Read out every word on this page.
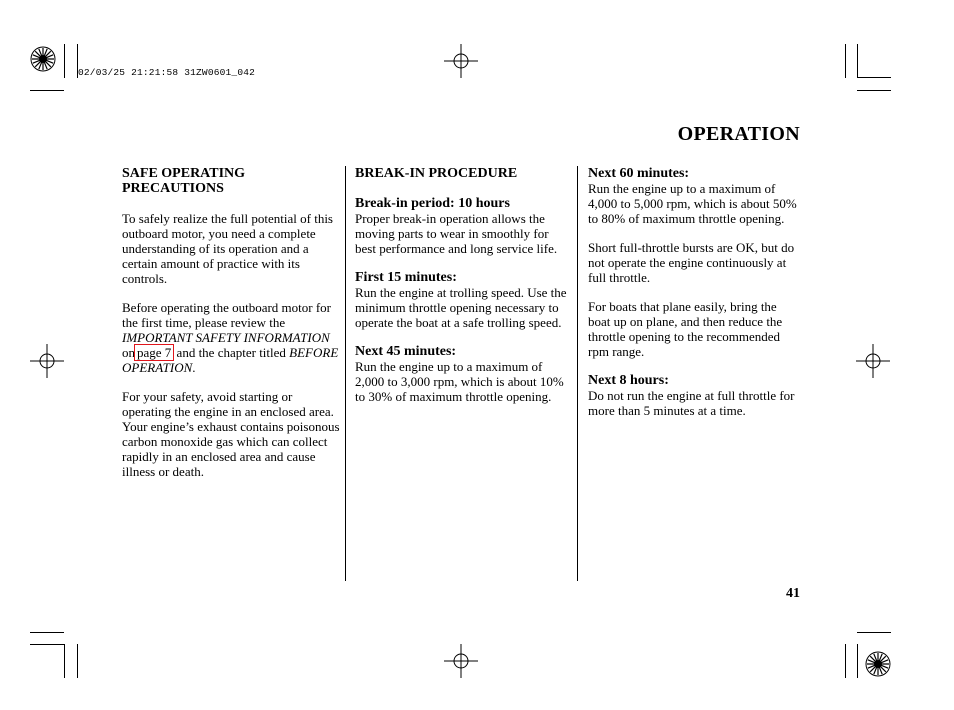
02/03/25 21:21:58 31ZW0601_042
OPERATION
SAFE OPERATING
PRECAUTIONS

To safely realize the full potential of this outboard motor, you need a complete understanding of its operation and a certain amount of practice with its controls.

Before operating the outboard motor for the first time, please review the IMPORTANT SAFETY INFORMATION on page 7 and the chapter titled BEFORE OPERATION.

For your safety, avoid starting or operating the engine in an enclosed area. Your engine’s exhaust contains poisonous carbon monoxide gas which can collect rapidly in an enclosed area and cause illness or death.

BREAK-IN PROCEDURE
Break-in period: 10 hours
Proper break-in operation allows the moving parts to wear in smoothly for best performance and long service life.
First 15 minutes:
Run the engine at trolling speed. Use the minimum throttle opening necessary to operate the boat at a safe trolling speed.
Next 45 minutes:
Run the engine up to a maximum of 2,000 to 3,000 rpm, which is about 10% to 30% of maximum throttle opening.
Next 60 minutes:
Run the engine up to a maximum of 4,000 to 5,000 rpm, which is about 50% to 80% of maximum throttle opening.

Short full-throttle bursts are OK, but do not operate the engine continuously at full throttle.

For boats that plane easily, bring the boat up on plane, and then reduce the throttle opening to the recommended rpm range.

Next 8 hours:
Do not run the engine at full throttle for more than 5 minutes at a time.
41
